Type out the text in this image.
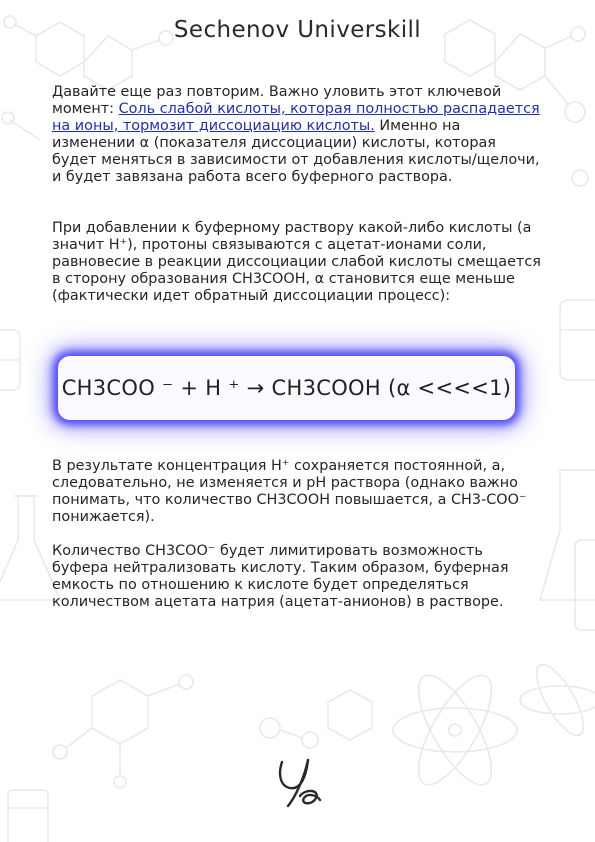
Sechenov Universkill

Давайте еще раз повторим. Важно уловить этот ключевой момент: Соль слабой кислоты, которая полностью распадается на ионы, тормозит диссоциацию кислоты. Именно на изменении α (показателя диссоциации) кислоты, которая будет меняться в зависимости от добавления кислоты/щелочи, и будет завязана работа всего буферного раствора.

При добавлении к буферному раствору какой-либо кислоты (а значит H⁺), протоны связываются с ацетат-ионами соли, равновесие в реакции диссоциации слабой кислоты смещается в сторону образования CH3COOH, α становится еще меньше (фактически идет обратный диссоциации процесс):

CH3COO ⁻ + H ⁺ → CH3COOH (α <<<<1)

В результате концентрация H⁺ сохраняется постоянной, а, следовательно, не изменяется и pH раствора (однако важно понимать, что количество CH3COOH повышается, а CH3-COO⁻ понижается).

Количество CH3COO⁻ будет лимитировать возможность буфера нейтрализовать кислоту. Таким образом, буферная емкость по отношению к кислоте будет определяться количеством ацетата натрия (ацетат-анионов) в растворе.
